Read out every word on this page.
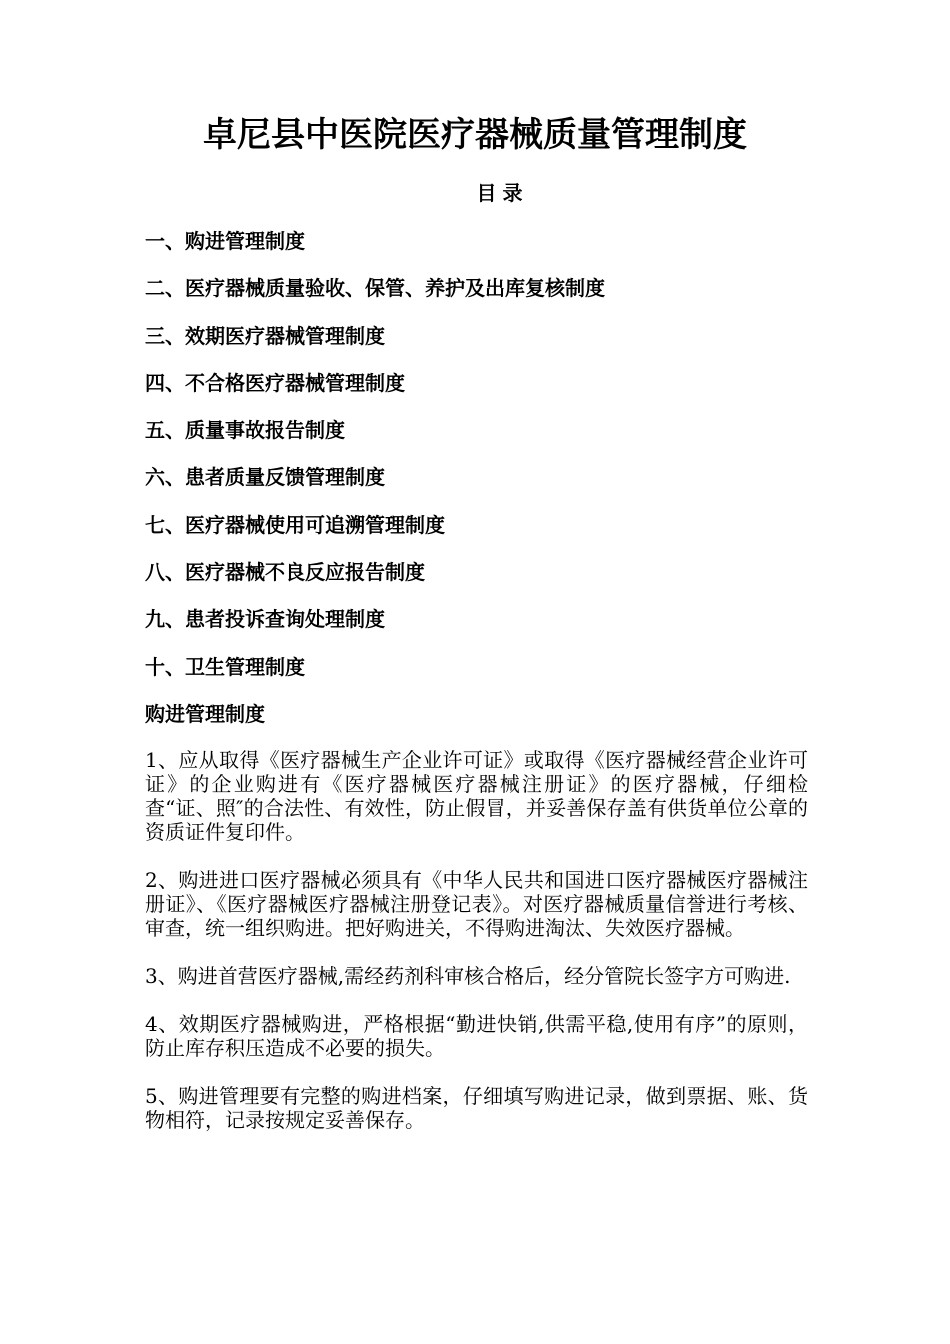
卓尼县中医院医疗器械质量管理制度
目录
一、购进管理制度
二、医疗器械质量验收、保管、养护及出库复核制度
三、效期医疗器械管理制度
四、不合格医疗器械管理制度
五、质量事故报告制度
六、患者质量反馈管理制度
七、医疗器械使用可追溯管理制度
八、医疗器械不良反应报告制度
九、患者投诉查询处理制度
十、卫生管理制度
购进管理制度

1、应从取得《医疗器械生产企业许可证》或取得《医疗器械经营企业许可证》的企业购进有《医疗器械医疗器械注册证》的医疗器械，仔细检查“证、照″的合法性、有效性，防止假冒，并妥善保存盖有供货单位公章的资质证件复印件。

2、购进进口医疗器械必须具有《中华人民共和国进口医疗器械医疗器械注册证》、《医疗器械医疗器械注册登记表》。对医疗器械质量信誉进行考核、审查，统一组织购进。把好购进关，不得购进淘汰、失效医疗器械。

3、购进首营医疗器械,需经药剂科审核合格后，经分管院长签字方可购进.

4、效期医疗器械购进，严格根据“勤进快销,供需平稳,使用有序”的原则，防止库存积压造成不必要的损失。

5、购进管理要有完整的购进档案，仔细填写购进记录，做到票据、账、货物相符，记录按规定妥善保存。
